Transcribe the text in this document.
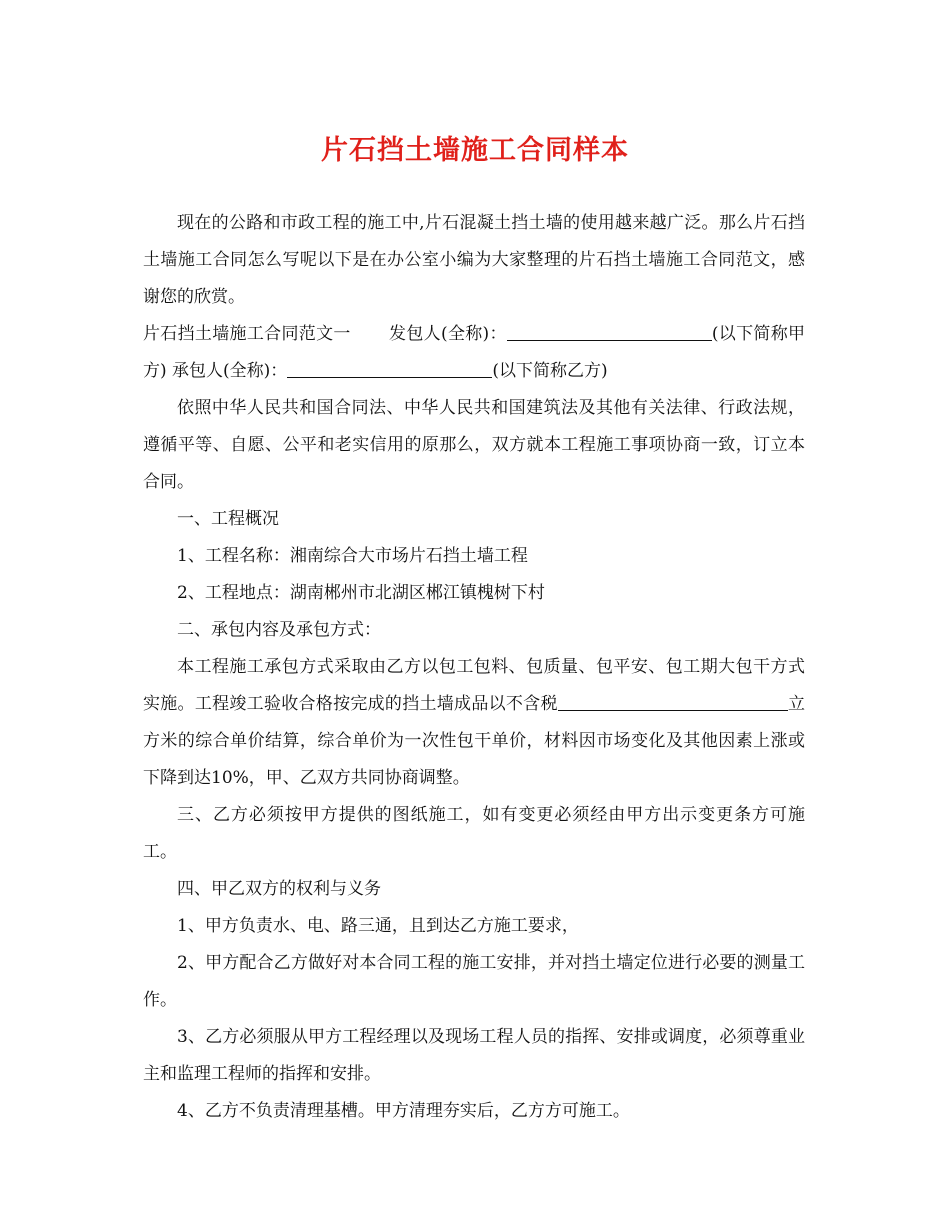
片石挡土墙施工合同样本

现在的公路和市政工程的施工中,片石混凝土挡土墙的使用越来越广泛。那么片石挡土墙施工合同怎么写呢以下是在办公室小编为大家整理的片石挡土墙施工合同范文，感谢您的欣赏。

片石挡土墙施工合同范文一 发包人(全称)：	(以下简称甲方) 承包人(全称)：	(以下简称乙方)

依照中华人民共和国合同法、中华人民共和国建筑法及其他有关法律、行政法规，遵循平等、自愿、公平和老实信用的原那么，双方就本工程施工事项协商一致，订立本合同。

一、工程概况

1、工程名称：湘南综合大市场片石挡土墙工程

2、工程地点：湖南郴州市北湖区郴江镇槐树下村

二、承包内容及承包方式：

本工程施工承包方式采取由乙方以包工包料、包质量、包平安、包工期大包干方式实施。工程竣工验收合格按完成的挡土墙成品以不含税	立方米的综合单价结算，综合单价为一次性包干单价，材料因市场变化及其他因素上涨或下降到达10%，甲、乙双方共同协商调整。

三、乙方必须按甲方提供的图纸施工，如有变更必须经由甲方出示变更条方可施工。

四、甲乙双方的权利与义务

1、甲方负责水、电、路三通，且到达乙方施工要求，

2、甲方配合乙方做好对本合同工程的施工安排，并对挡土墙定位进行必要的测量工作。

3、乙方必须服从甲方工程经理以及现场工程人员的指挥、安排或调度，必须尊重业主和监理工程师的指挥和安排。

4、乙方不负责清理基槽。甲方清理夯实后，乙方方可施工。
